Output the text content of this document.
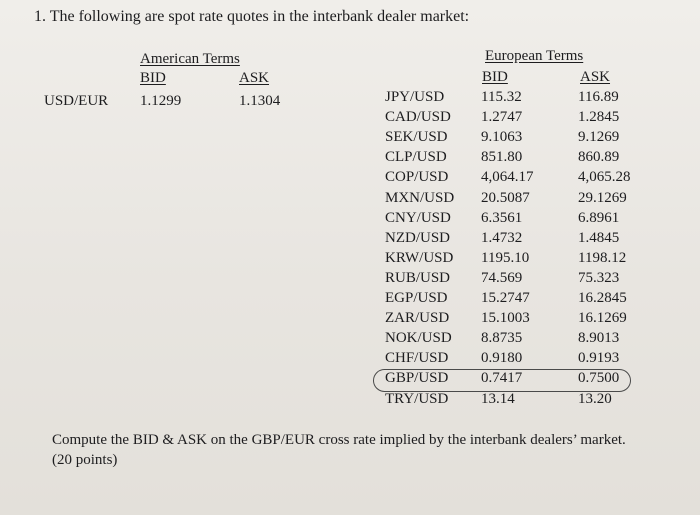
1. The following are spot rate quotes in the interbank dealer market:
American Terms
BID	ASK
USD/EUR 1.1299	1.1304
European Terms
BID	ASK
JPY/USD 115.32	116.89
CAD/USD 1.2747	1.2845
SEK/USD 9.1063	9.1269
CLP/USD 851.80	860.89
COP/USD 4,064.17	4,065.28
MXN/USD 20.5087	29.1269
CNY/USD 6.3561	6.8961
NZD/USD 1.4732	1.4845
KRW/USD 1195.10	1198.12
RUB/USD 74.569	75.323
EGP/USD 15.2747	16.2845
ZAR/USD 15.1003	16.1269
NOK/USD 8.8735	8.9013
CHF/USD 0.9180	0.9193
GBP/USD 0.7417	0.7500
TRY/USD 13.14	13.20
Compute the BID & ASK on the GBP/EUR cross rate implied by the interbank dealers’ market.
(20 points)
